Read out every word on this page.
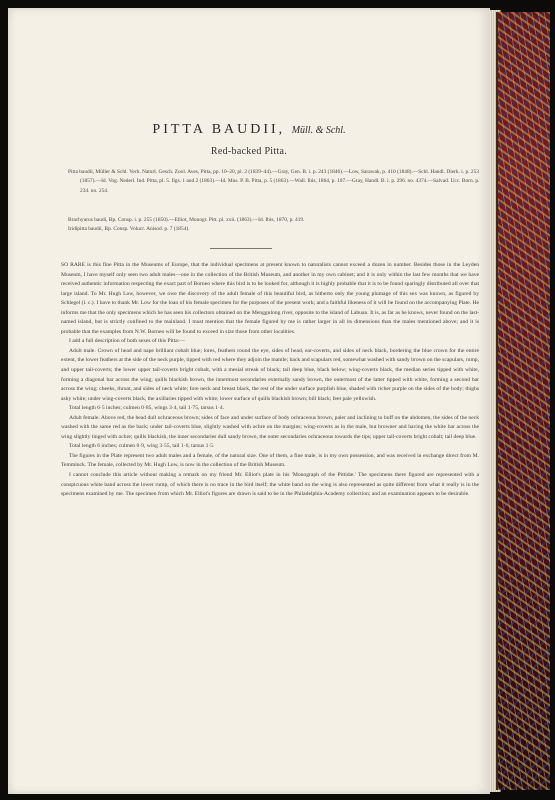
PITTA BAUDII, Müll. & Schl.
Red-backed Pitta.
Pitta baudii, Müller & Schl. Verh. Naturl. Gesch. Zool. Aves, Pitta, pp. 10–20, pl. 2 (1839–44).—Gray, Gen. B. i. p. 243 (1846).—Low, Sarawak, p. 410 (1848).—Schl. Handl. Dierk. i. p. 253 (1857).—Id. Vog. Nederl. Ind. Pitta, pl. 5. figs. 1 and 2 (1863).—Id. Mus. P. B. Pitta, p. 5 (1863).—Wall. Ibis, 1864, p. 107.—Gray, Handl. B. i. p. 296. no. 4374.—Salvad. Ucc. Born. p. 234. no. 254.
Brachyurus baudi, Bp. Consp. i. p. 255 (1850).—Elliot, Monogr. Pitt. pl. xxii. (1863).—Id. Ibis, 1870, p. 419.
Iridipitta baudii, Bp. Consp. Volucr. Anisod. p. 7 (1854).

SO RARE is this fine Pitta in the Museums of Europe, that the individual specimens at present known to naturalists cannot exceed a dozen in number. Besides those in the Leyden Museum, I have myself only seen two adult males—one in the collection of the British Museum, and another in my own cabinet; and it is only within the last few months that we have received authentic information respecting the exact part of Borneo where this bird is to be looked for, although it is highly probable that it is to be found sparingly distributed all over that large island. To Mr. Hugh Low, however, we owe the discovery of the adult female of this beautiful bird, as hitherto only the young plumage of this sex was known, as figured by Schlegel (l. c.). I have to thank Mr. Low for the loan of his female specimen for the purposes of the present work; and a faithful likeness of it will be found on the accompanying Plate. He informs me that the only specimens which he has seen his collectors obtained on the Menggulong river, opposite to the island of Labuan. It is, as far as he knows, never found on the last-named island, but is strictly confined to the mainland. I must mention that the female figured by me is rather larger in all its dimensions than the males mentioned above; and it is probable that the examples from N.W. Borneo will be found to exceed in size those from other localities.

I add a full description of both sexes of this Pitta:—

Adult male. Crown of head and nape brilliant cobalt blue; lores, feathers round the eye, sides of head, ear-coverts, and sides of neck black, bordering the blue crown for the entire extent, the lower feathers at the side of the neck purple, tipped with red where they adjoin the mantle; back and scapulars red, somewhat washed with sandy brown on the scapulars, rump, and upper tail-coverts; the lower upper tail-coverts bright cobalt, with a mesial streak of black; tail deep blue, black below; wing-coverts black, the median series tipped with white, forming a diagonal bar across the wing; quills blackish brown, the innermost secondaries externally sandy brown, the outermost of the latter tipped with white, forming a second bar across the wing; cheeks, throat, and sides of neck white; fore neck and breast black, the rest of the under surface purplish blue, shaded with richer purple on the sides of the body; thighs ashy white; under wing-coverts black, the axillaries tipped with white; lower surface of quills blackish brown; bill black; feet pale yellowish.

Total length 6·5 inches; culmen 0·85, wings 3·4, tail 1·75, tarsus 1·4.

Adult female. Above red, the head dull ochraceous brown; sides of face and under surface of body ochraceous brown, paler and inclining to buff on the abdomen, the sides of the neck washed with the same red as the back; under tail-coverts blue, slightly washed with ochre on the margins; wing-coverts as in the male, but browner and having the white bar across the wing slightly tinged with ochre; quills blackish, the inner secondaries dull sandy brown, the outer secondaries ochraceous towards the tips; upper tail-coverts bright cobalt; tail deep blue.

Total length 6 inches; culmen 0·9, wing 3·55, tail 1·6, tarsus 1·5.

The figures in the Plate represent two adult males and a female, of the natural size. One of them, a fine male, is in my own possession, and was received in exchange direct from M. Temminck. The female, collected by Mr. Hugh Low, is now in the collection of the British Museum.

I cannot conclude this article without making a remark on my friend Mr. Elliot's plate in his 'Monograph of the Pittidæ.' The specimens there figured are represented with a conspicuous white band across the lower rump, of which there is no trace in the bird itself; the white band on the wing is also represented as quite different from what it really is in the specimens examined by me. The specimen from which Mr. Elliot's figures are drawn is said to be in the Philadelphia-Academy collection; and an examination appears to be desirable.
